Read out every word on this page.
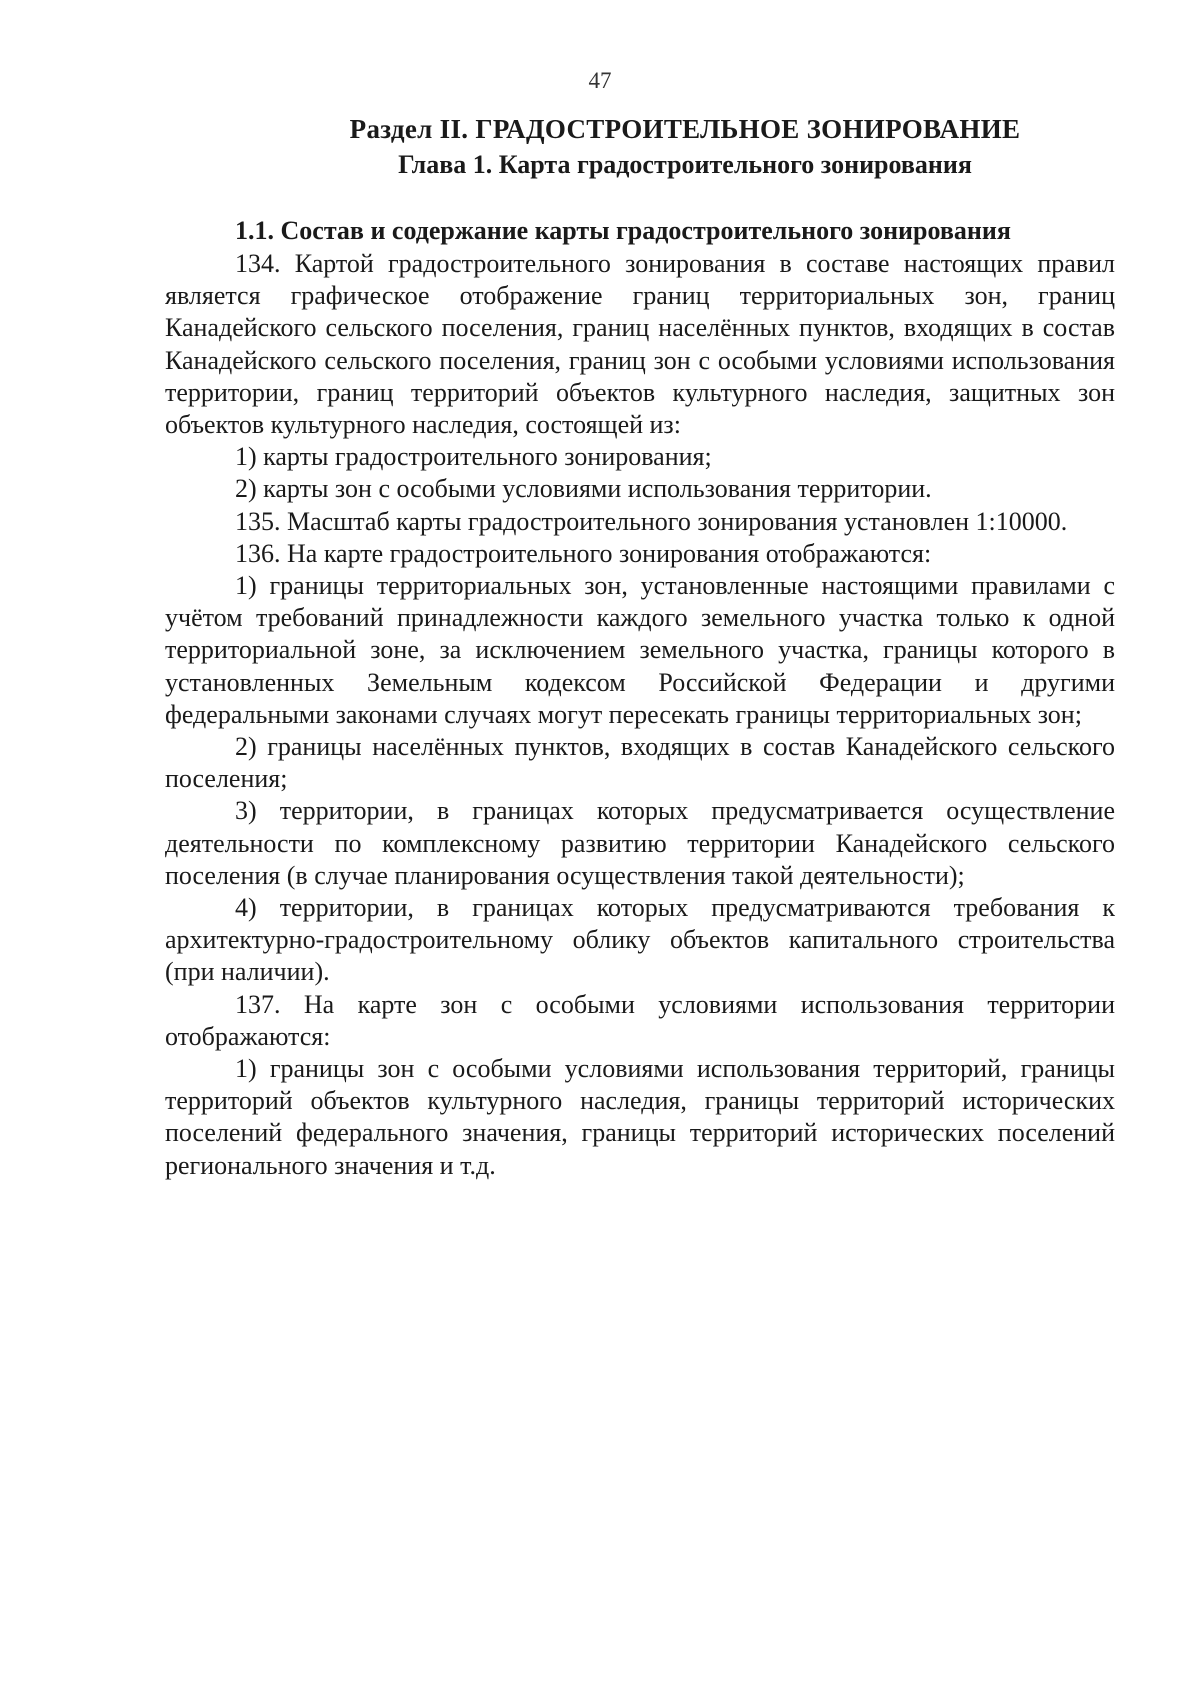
47
Раздел II. ГРАДОСТРОИТЕЛЬНОЕ ЗОНИРОВАНИЕ
Глава 1. Карта градостроительного зонирования
1.1. Состав и содержание карты градостроительного зонирования

134. Картой градостроительного зонирования в составе настоящих правил является графическое отображение границ территориальных зон, границ Канадейского сельского поселения, границ населённых пунктов, входящих в состав Канадейского сельского поселения, границ зон с особыми условиями использования территории, границ территорий объектов культурного наследия, защитных зон объектов культурного наследия, состоящей из:

1) карты градостроительного зонирования;

2) карты зон с особыми условиями использования территории.

135. Масштаб карты градостроительного зонирования установлен 1:10000.

136. На карте градостроительного зонирования отображаются:

1) границы территориальных зон, установленные настоящими правилами с учётом требований принадлежности каждого земельного участка только к одной территориальной зоне, за исключением земельного участка, границы которого в установленных Земельным кодексом Российской Федерации и другими федеральными законами случаях могут пересекать границы территориальных зон;

2) границы населённых пунктов, входящих в состав Канадейского сельского поселения;

3) территории, в границах которых предусматривается осуществление деятельности по комплексному развитию территории Канадейского сельского поселения (в случае планирования осуществления такой деятельности);

4) территории, в границах которых предусматриваются требования к архитектурно-градостроительному облику объектов капитального строительства (при наличии).

137. На карте зон с особыми условиями использования территории отображаются:

1) границы зон с особыми условиями использования территорий, границы территорий объектов культурного наследия, границы территорий исторических поселений федерального значения, границы территорий исторических поселений регионального значения и т.д.
